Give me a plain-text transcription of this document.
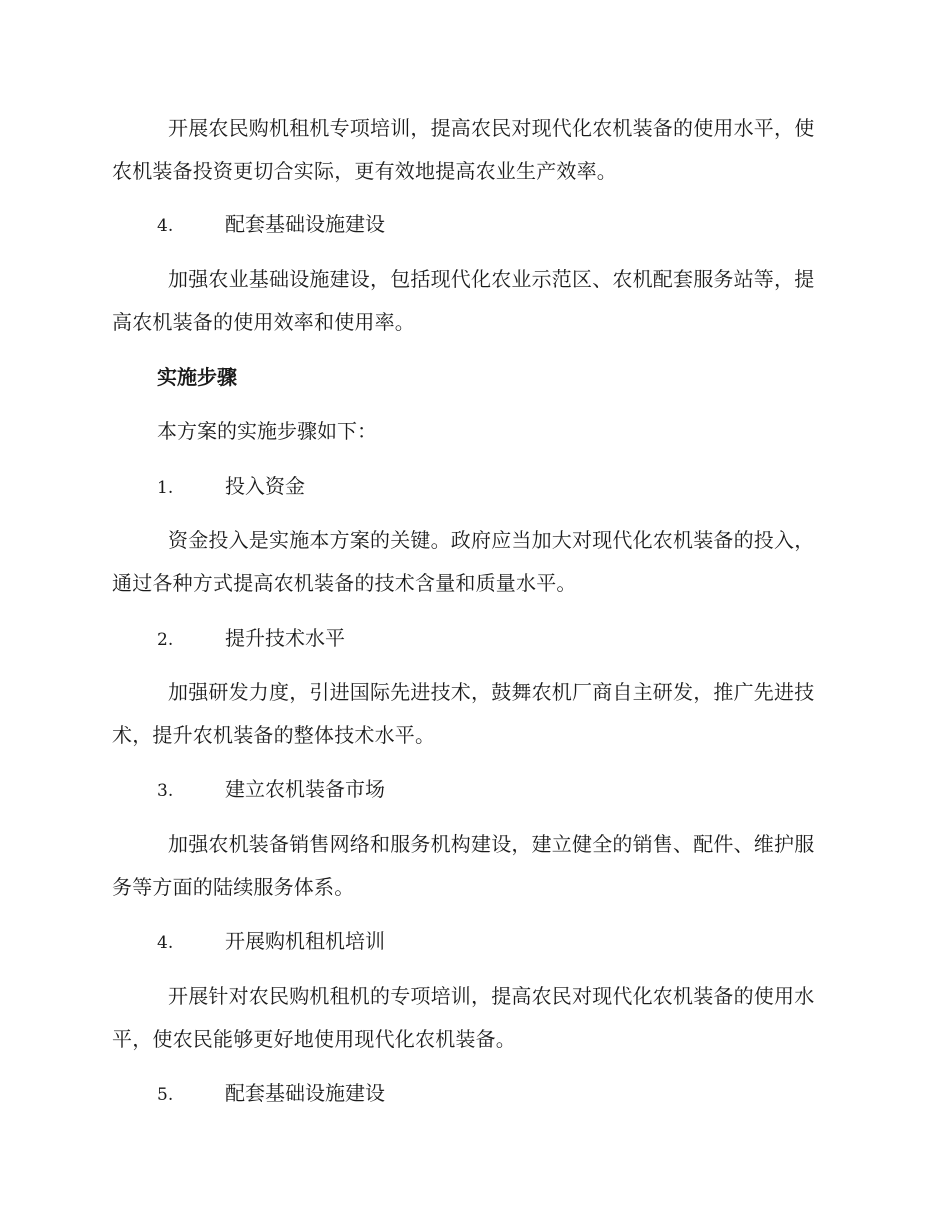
开展农民购机租机专项培训，提高农民对现代化农机装备的使用水平，使农机装备投资更切合实际，更有效地提高农业生产效率。

4.	配套基础设施建设

加强农业基础设施建设，包括现代化农业示范区、农机配套服务站等，提高农机装备的使用效率和使用率。

实施步骤

本方案的实施步骤如下：

1.	投入资金

资金投入是实施本方案的关键。政府应当加大对现代化农机装备的投入，通过各种方式提高农机装备的技术含量和质量水平。

2.	提升技术水平

加强研发力度，引进国际先进技术，鼓舞农机厂商自主研发，推广先进技术，提升农机装备的整体技术水平。

3.	建立农机装备市场

加强农机装备销售网络和服务机构建设，建立健全的销售、配件、维护服务等方面的陆续服务体系。

4.	开展购机租机培训

开展针对农民购机租机的专项培训，提高农民对现代化农机装备的使用水平，使农民能够更好地使用现代化农机装备。

5.	配套基础设施建设
